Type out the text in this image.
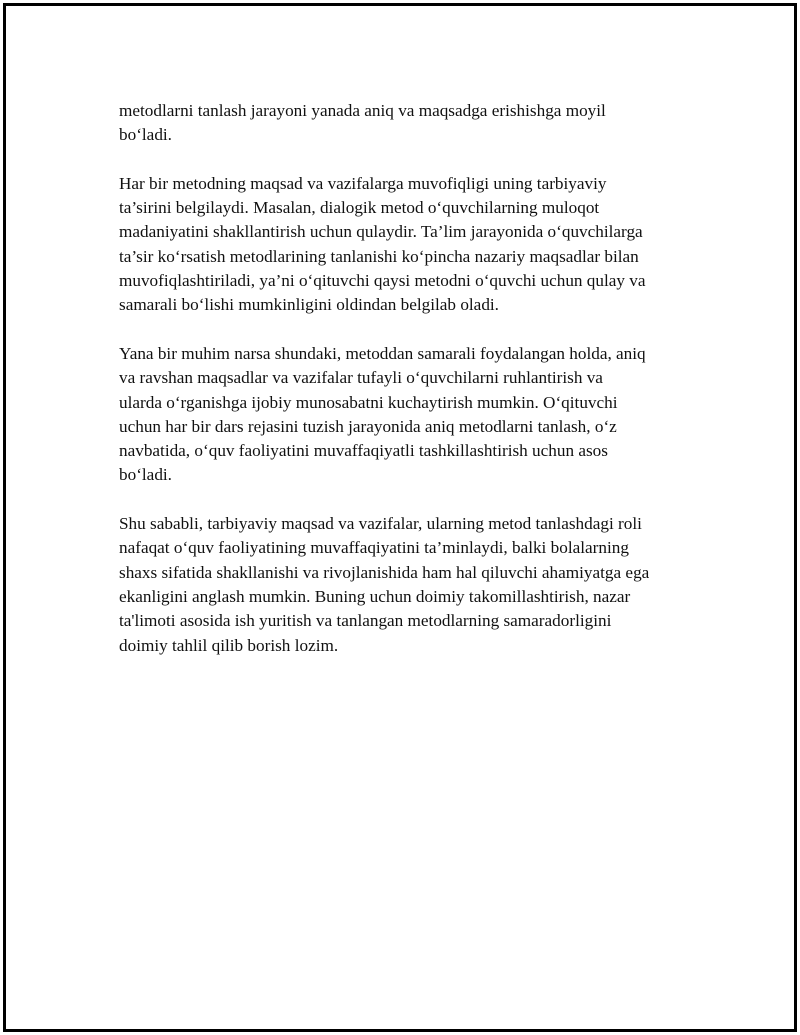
metodlarni tanlash jarayoni yanada aniq va maqsadga erishishga moyil
bo‘ladi.

Har bir metodning maqsad va vazifalarga muvofiqligi uning tarbiyaviy
ta’sirini belgilaydi. Masalan, dialogik metod o‘quvchilarning muloqot
madaniyatini shakllantirish uchun qulaydir. Ta’lim jarayonida o‘quvchilarga
ta’sir ko‘rsatish metodlarining tanlanishi ko‘pincha nazariy maqsadlar bilan
muvofiqlashtiriladi, ya’ni o‘qituvchi qaysi metodni o‘quvchi uchun qulay va
samarali bo‘lishi mumkinligini oldindan belgilab oladi.

Yana bir muhim narsa shundaki, metoddan samarali foydalangan holda, aniq
va ravshan maqsadlar va vazifalar tufayli o‘quvchilarni ruhlantirish va
ularda o‘rganishga ijobiy munosabatni kuchaytirish mumkin. O‘qituvchi
uchun har bir dars rejasini tuzish jarayonida aniq metodlarni tanlash, o‘z
navbatida, o‘quv faoliyatini muvaffaqiyatli tashkillashtirish uchun asos
bo‘ladi.

Shu sababli, tarbiyaviy maqsad va vazifalar, ularning metod tanlashdagi roli
nafaqat o‘quv faoliyatining muvaffaqiyatini ta’minlaydi, balki bolalarning
shaxs sifatida shakllanishi va rivojlanishida ham hal qiluvchi ahamiyatga ega
ekanligini anglash mumkin. Buning uchun doimiy takomillashtirish, nazar
ta'limoti asosida ish yuritish va tanlangan metodlarning samaradorligini
doimiy tahlil qilib borish lozim.
